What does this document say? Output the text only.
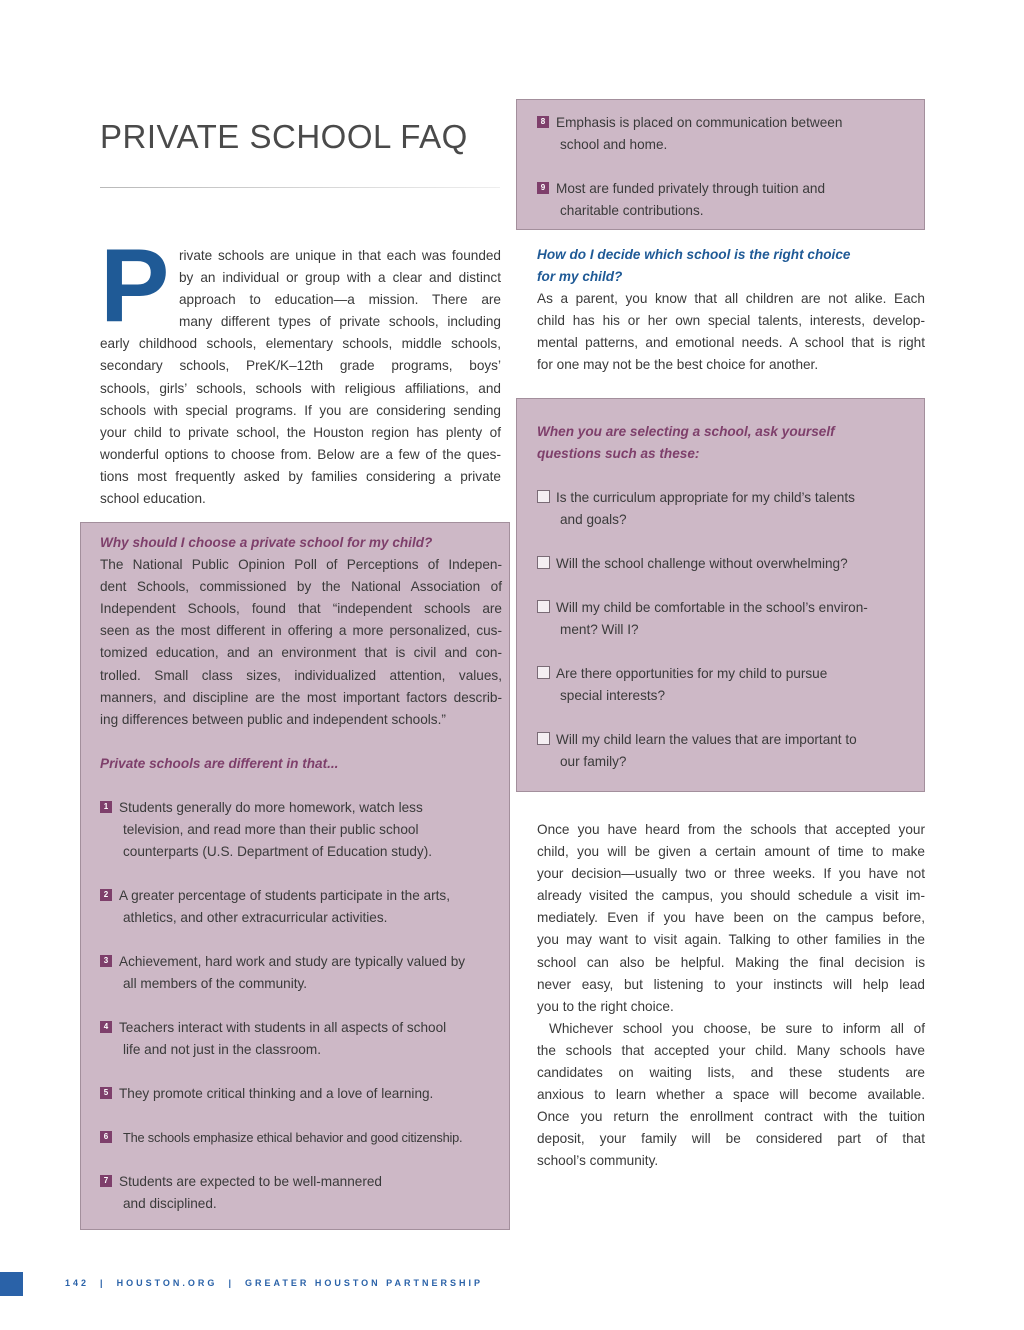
PRIVATE SCHOOL FAQ
P rivate schools are unique in that each was founded
by an individual or group with a clear and distinct
approach to education—a mission. There are
many different types of private schools, including
early childhood schools, elementary schools, middle schools,
secondary schools, PreK/K–12th grade programs, boys’
schools, girls’ schools, schools with religious affiliations, and
schools with special programs. If you are considering sending
your child to private school, the Houston region has plenty of
wonderful options to choose from. Below are a few of the ques-
tions most frequently asked by families considering a private
school education.
Why should I choose a private school for my child?
The National Public Opinion Poll of Perceptions of Indepen-
dent Schools, commissioned by the National Association of
Independent Schools, found that “independent schools are
seen as the most different in offering a more personalized, cus-
tomized education, and an environment that is civil and con-
trolled. Small class sizes, individualized attention, values,
manners, and discipline are the most important factors describ-
ing differences between public and independent schools.”
Private schools are different in that...
1 Students generally do more homework, watch less
television, and read more than their public school
counterparts (U.S. Department of Education study).
2 A greater percentage of students participate in the arts,
athletics, and other extracurricular activities.
3 Achievement, hard work and study are typically valued by
all members of the community.
4 Teachers interact with students in all aspects of school
life and not just in the classroom.
5 They promote critical thinking and a love of learning.
6	The schools emphasize ethical behavior and good citizenship.
7 Students are expected to be well-mannered
and disciplined.
8 Emphasis is placed on communication between
school and home.
9 Most are funded privately through tuition and
charitable contributions.
How do I decide which school is the right choice
for my child?
As a parent, you know that all children are not alike. Each
child has his or her own special talents, interests, develop-
mental patterns, and emotional needs. A school that is right
for one may not be the best choice for another.
When you are selecting a school, ask yourself
questions such as these:
Is the curriculum appropriate for my child’s talents
and goals?
Will the school challenge without overwhelming?
Will my child be comfortable in the school’s environ-
ment? Will I?
Are there opportunities for my child to pursue
special interests?
Will my child learn the values that are important to
our family?
Once you have heard from the schools that accepted your
child, you will be given a certain amount of time to make
your decision—usually two or three weeks. If you have not
already visited the campus, you should schedule a visit im-
mediately. Even if you have been on the campus before,
you may want to visit again. Talking to other families in the
school can also be helpful. Making the final decision is
never easy, but listening to your instincts will help lead
you to the right choice.
Whichever school you choose, be sure to inform all of
the schools that accepted your child. Many schools have
candidates on waiting lists, and these students are
anxious to learn whether a space will become available.
Once you return the enrollment contract with the tuition
deposit, your family will be considered part of that
school’s community.
142 | HOUSTON.ORG | GREATER HOUSTON PARTNERSHIP
